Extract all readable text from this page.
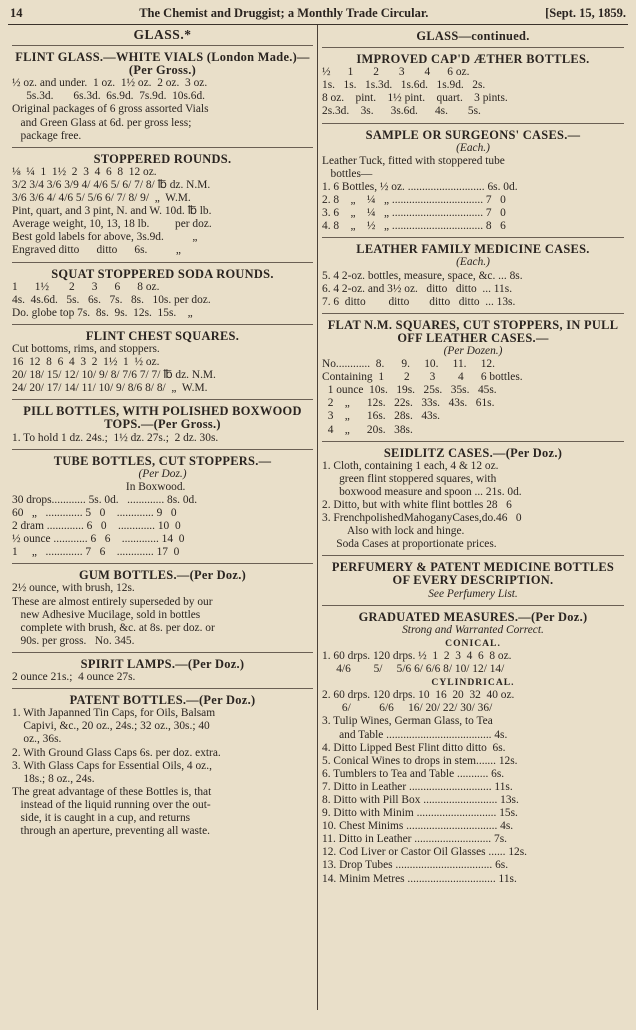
14	The Chemist and Druggist; a Monthly Trade Circular.	[Sept. 15, 1859.
GLASS.*
FLINT GLASS.—WHITE VIALS (London Made.)—(Per Gross.)
½ oz. and under.  1 oz.  1½ oz.  2 oz.  3 oz.
5s.3d.       6s.3d.  6s.9d.  7s.9d.  10s.6d.
Original packages of 6 gross assorted Vials
and Green Glass at 6d. per gross less;
package free.
STOPPERED ROUNDS.
⅛  ¼  1  1½  2  3  4  6  8  12 oz.
3/2 3/4 3/6 3/9 4/ 4/6 5/ 6/ 7/ 8/ ℔ dz. N.M.
3/6 3/6 4/ 4/6 5/ 5/6 6/ 7/ 8/ 9/  „  W.M.
Pint, quart, and 3 pint, N. and W. 10d. ℔ lb.
Average weight, 10, 13, 18 lb.         per doz.
Best gold labels for above, 3s.9d.          „
Engraved ditto      ditto      6s.          „
SQUAT STOPPERED SODA ROUNDS.
1      1½       2      3      6      8 oz.
4s.  4s.6d.   5s.   6s.   7s.   8s.   10s. per doz.
Do. globe top 7s.  8s.  9s.  12s.  15s.    „
FLINT CHEST SQUARES.
Cut bottoms, rims, and stoppers.
16  12  8  6  4  3  2  1½  1  ½ oz.
20/ 18/ 15/ 12/ 10/ 9/ 8/ 7/6 7/ 7/ ℔ dz. N.M.
24/ 20/ 17/ 14/ 11/ 10/ 9/ 8/6 8/ 8/  „  W.M.
PILL BOTTLES, WITH POLISHED BOXWOOD TOPS.—(Per Gross.)
1. To hold 1 dz. 24s.;  1½ dz. 27s.;  2 dz. 30s.
TUBE BOTTLES, CUT STOPPERS.—
(Per Doz.)
In Boxwood.
30 drops............ 5s. 0d.   ............. 8s. 0d.
60   „   ............. 5   0    ............. 9   0
2 dram ............. 6   0    ............. 10  0
½ ounce ............ 6   6    ............. 14  0
1     „   ............. 7   6    ............. 17  0
GUM BOTTLES.—(Per Doz.)
2½ ounce, with brush, 12s.
These are almost entirely superseded by our
new Adhesive Mucilage, sold in bottles
complete with brush, &c. at 8s. per doz. or
90s. per gross.   No. 345.
SPIRIT LAMPS.—(Per Doz.)
2 ounce 21s.;  4 ounce 27s.
PATENT BOTTLES.—(Per Doz.)
1. With Japanned Tin Caps, for Oils, Balsam
Capivi, &c., 20 oz., 24s.; 32 oz., 30s.; 40
oz., 36s.
2. With Ground Glass Caps 6s. per doz. extra.
3. With Glass Caps for Essential Oils, 4 oz.,
18s.; 8 oz., 24s.
The great advantage of these Bottles is, that
instead of the liquid running over the out-
side, it is caught in a cup, and returns
through an aperture, preventing all waste.
GLASS—continued.
IMPROVED CAP'D ÆTHER BOTTLES.
½      1       2       3       4      6 oz.
1s.   1s.   1s.3d.   1s.6d.   1s.9d.   2s.
8 oz.    pint.    1½ pint.    quart.    3 pints.
2s.3d.    3s.      3s.6d.      4s.       5s.
SAMPLE OR SURGEONS' CASES.—
(Each.)
Leather Tuck, fitted with stoppered tube
bottles—
1. 6 Bottles, ½ oz. ........................... 6s. 0d.
2. 8    „    ¼   „ ................................ 7   0
3. 6    „    ¼   „ ................................ 7   0
4. 8    „    ½   „ ................................ 8   6
LEATHER FAMILY MEDICINE CASES.
(Each.)
5. 4 2-oz. bottles, measure, space, &c. ... 8s.
6. 4 2-oz. and 3½ oz.   ditto   ditto  ... 11s.
7. 6  ditto        ditto       ditto   ditto  ... 13s.
FLAT N.M. SQUARES, CUT STOPPERS, IN PULL OFF LEATHER CASES.—
(Per Dozen.)
No............  8.      9.     10.     11.     12.
Containing  1       2       3        4      6 bottles.
1 ounce  10s.   19s.   25s.   35s.   45s.
2    „      12s.   22s.   33s.   43s.   61s.
3    „      16s.   28s.   43s.
4    „      20s.   38s.
SEIDLITZ CASES.—(Per Doz.)
1. Cloth, containing 1 each, 4 & 12 oz.
green flint stoppered squares, with
boxwood measure and spoon ... 21s. 0d.
2. Ditto, but with white flint bottles 28   6
3. FrenchpolishedMahoganyCases,do.46   0
Also with lock and hinge.
Soda Cases at proportionate prices.
PERFUMERY & PATENT MEDICINE BOTTLES OF EVERY DESCRIPTION.
See Perfumery List.
GRADUATED MEASURES.—(Per Doz.)
Strong and Warranted Correct.
CONICAL.
1. 60 drps. 120 drps. ½  1  2  3  4  6  8 oz.
4/6        5/     5/6 6/ 6/6 8/ 10/ 12/ 14/
CYLINDRICAL.
2. 60 drps. 120 drps. 10  16  20  32  40 oz.
6/          6/6     16/ 20/ 22/ 30/ 36/
3. Tulip Wines, German Glass, to Tea
and Table ..................................... 4s.
4. Ditto Lipped Best Flint ditto ditto  6s.
5. Conical Wines to drops in stem....... 12s.
6. Tumblers to Tea and Table ........... 6s.
7. Ditto in Leather ............................. 11s.
8. Ditto with Pill Box .......................... 13s.
9. Ditto with Minim ............................ 15s.
10. Chest Minims ................................ 4s.
11. Ditto in Leather ........................... 7s.
12. Cod Liver or Castor Oil Glasses ...... 12s.
13. Drop Tubes .................................. 6s.
14. Minim Metres ............................... 11s.
